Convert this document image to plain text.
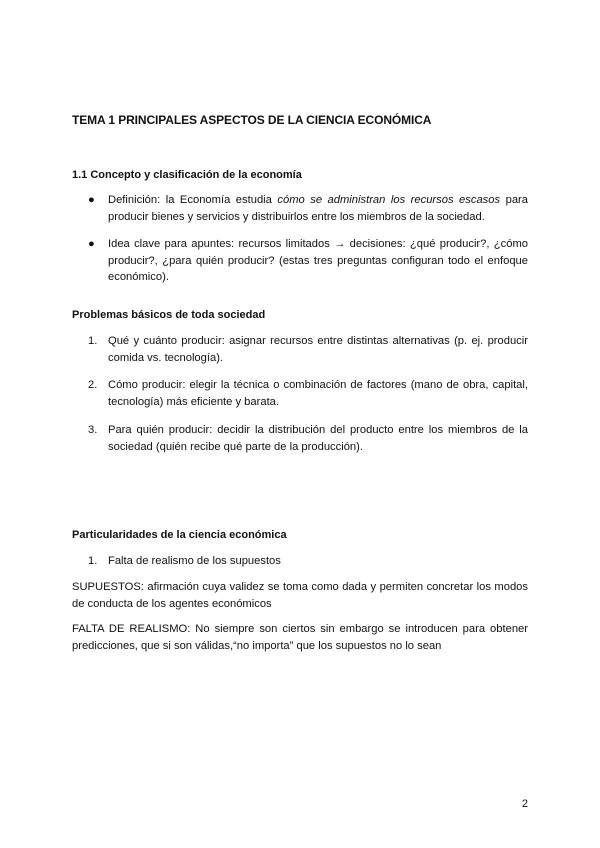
TEMA 1 PRINCIPALES ASPECTOS DE LA CIENCIA ECONÓMICA
1.1 Concepto y clasificación de la economía
●	Definición: la Economía estudia cómo se administran los recursos escasos para producir bienes y servicios y distribuirlos entre los miembros de la sociedad.
●	Idea clave para apuntes: recursos limitados → decisiones: ¿qué producir?, ¿cómo producir?, ¿para quién producir? (estas tres preguntas configuran todo el enfoque económico).
Problemas básicos de toda sociedad
1. Qué y cuánto producir: asignar recursos entre distintas alternativas (p. ej. producir comida vs. tecnología).
2. Cómo producir: elegir la técnica o combinación de factores (mano de obra, capital, tecnología) más eficiente y barata.
3. Para quién producir: decidir la distribución del producto entre los miembros de la sociedad (quién recibe qué parte de la producción).
Particularidades de la ciencia económica
1. Falta de realismo de los supuestos
SUPUESTOS: afirmación cuya validez se toma como dada y permiten concretar los modos de conducta de los agentes económicos
FALTA DE REALISMO: No siempre son ciertos sin embargo se introducen para obtener predicciones, que si son válidas,“no importa” que los supuestos no lo sean
2
